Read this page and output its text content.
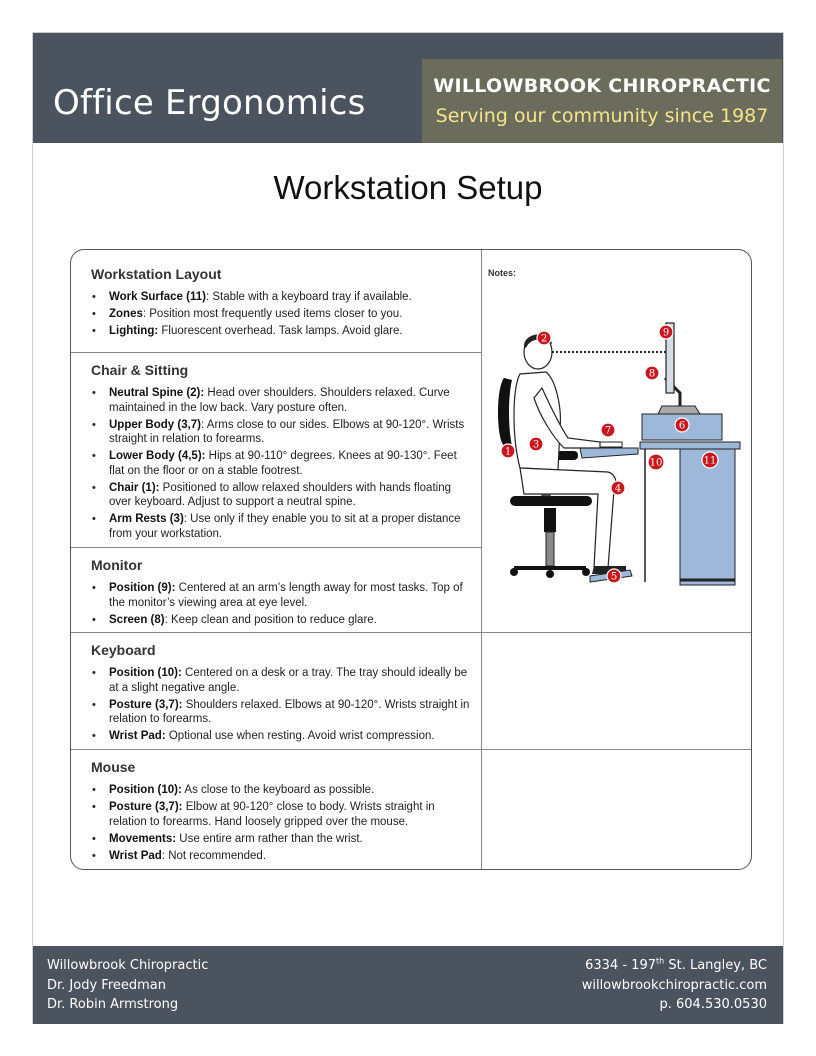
Office Ergonomics	WILLOWBROOK CHIROPRACTIC
Serving our community since 1987
Workstation Setup
Workstation Layout
• Work Surface (11): Stable with a keyboard tray if available.
• Zones: Position most frequently used items closer to you.
• Lighting: Fluorescent overhead. Task lamps. Avoid glare.
Chair & Sitting
• Neutral Spine (2): Head over shoulders. Shoulders relaxed. Curve maintained in the low back. Vary posture often.
• Upper Body (3,7): Arms close to our sides. Elbows at 90-120°. Wrists straight in relation to forearms.
• Lower Body (4,5): Hips at 90-110° degrees. Knees at 90-130°. Feet flat on the floor or on a stable footrest.
• Chair (1): Positioned to allow relaxed shoulders with hands floating over keyboard. Adjust to support a neutral spine.
• Arm Rests (3): Use only if they enable you to sit at a proper distance from your workstation.
Monitor
• Position (9): Centered at an arm’s length away for most tasks. Top of the monitor’s viewing area at eye level.
• Screen (8): Keep clean and position to reduce glare.
Keyboard
• Position (10): Centered on a desk or a tray. The tray should ideally be at a slight negative angle.
• Posture (3,7): Shoulders relaxed. Elbows at 90-120°. Wrists straight in relation to forearms.
• Wrist Pad: Optional use when resting. Avoid wrist compression.
Mouse
• Position (10): As close to the keyboard as possible.
• Posture (3,7): Elbow at 90-120° close to body. Wrists straight in relation to forearms. Hand loosely gripped over the mouse.
• Movements: Use entire arm rather than the wrist.
• Wrist Pad: Not recommended.
Notes:
1
2
3
4
5
6
7
8
9
10	11
Willowbrook Chiropractic
Dr. Jody Freedman
Dr. Robin Armstrong
6334 - 197th St. Langley, BC
willowbrookchiropractic.com
p. 604.530.0530
